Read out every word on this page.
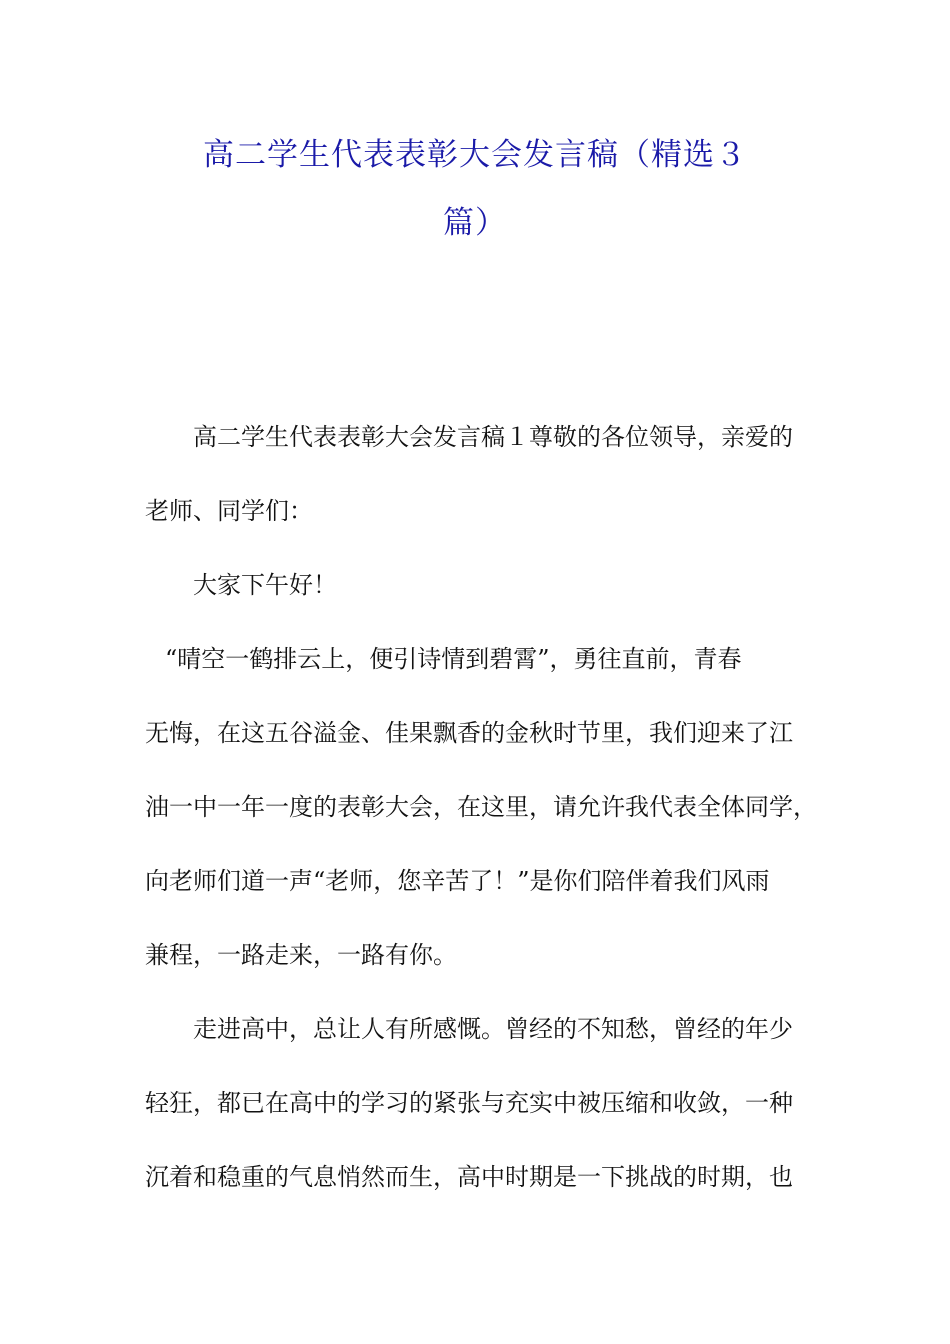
高二学生代表表彰大会发言稿（精选３
篇）
高二学生代表表彰大会发言稿１尊敬的各位领导，亲爱的
老师、同学们：
大家下午好！
“晴空一鹤排云上，便引诗情到碧霄”，勇往直前，青春
无悔，在这五谷溢金、佳果飘香的金秋时节里，我们迎来了江
油一中一年一度的表彰大会，在这里，请允许我代表全体同学，
向老师们道一声“老师，您辛苦了！”是你们陪伴着我们风雨
兼程，一路走来，一路有你。
走进高中，总让人有所感慨。曾经的不知愁，曾经的年少
轻狂，都已在高中的学习的紧张与充实中被压缩和收敛，一种
沉着和稳重的气息悄然而生，高中时期是一下挑战的时期，也
